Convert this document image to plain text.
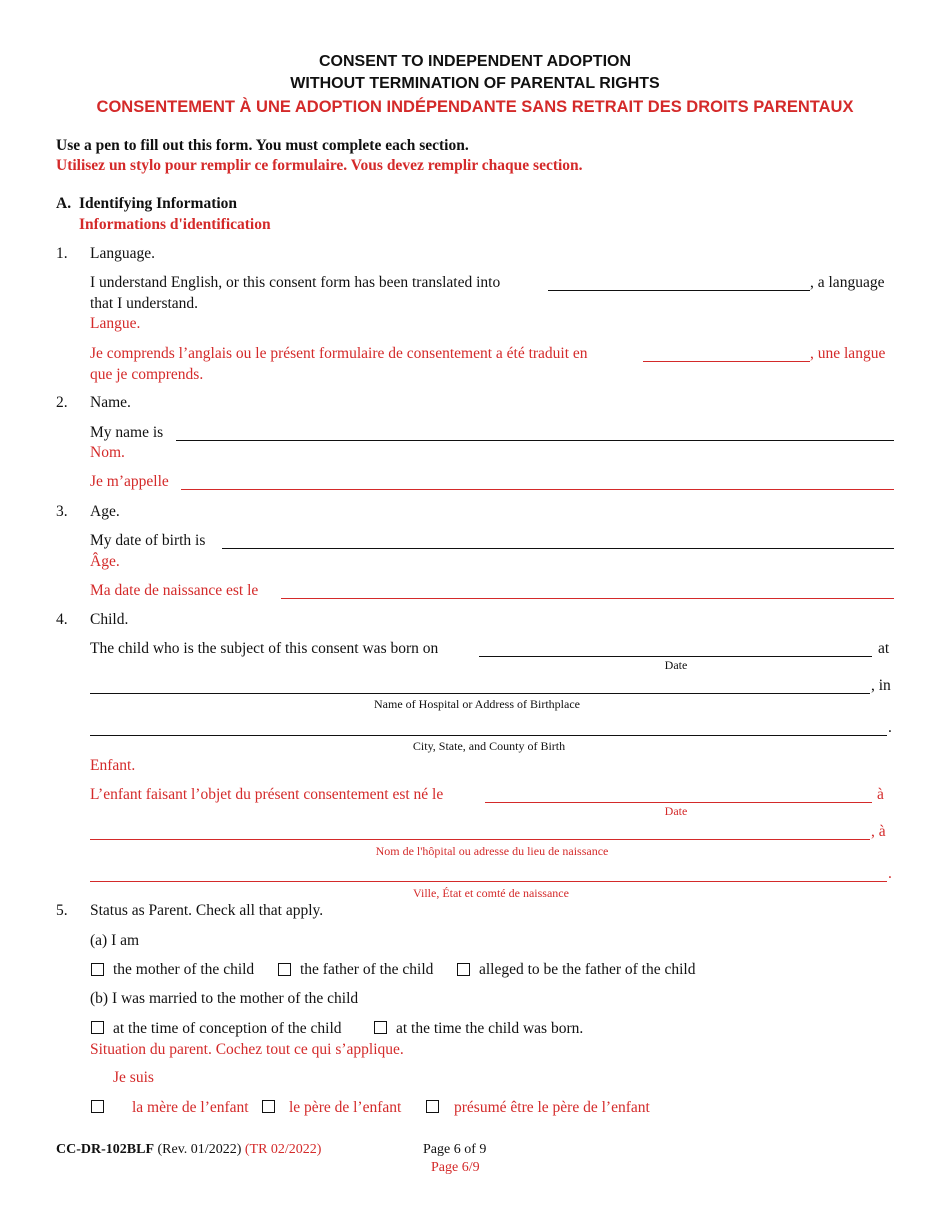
CONSENT TO INDEPENDENT ADOPTION
WITHOUT TERMINATION OF PARENTAL RIGHTS
CONSENTEMENT À UNE ADOPTION INDÉPENDANTE SANS RETRAIT DES DROITS PARENTAUX
Use a pen to fill out this form. You must complete each section.
Utilisez un stylo pour remplir ce formulaire. Vous devez remplir chaque section.
A. Identifying Information
Informations d'identification
1. Language.
I understand English, or this consent form has been translated into	, a language
that I understand.
Langue.
Je comprends l’anglais ou le présent formulaire de consentement a été traduit en	, une langue
que je comprends.
2. Name.
My name is
Nom.
Je m’appelle
3. Age.
My date of birth is
Âge.
Ma date de naissance est le
4. Child.
The child who is the subject of this consent was born on	at
Date
, in
Name of Hospital or Address of Birthplace
.
City, State, and County of Birth
Enfant.
L’enfant faisant l’objet du présent consentement est né le	à
Date
, à
Nom de l'hôpital ou adresse du lieu de naissance
.
Ville, État et comté de naissance
5. Status as Parent. Check all that apply.
(a) I am
the mother of the child	the father of the child	alleged to be the father of the child
(b) I was married to the mother of the child
at the time of conception of the child	at the time the child was born.
Situation du parent. Cochez tout ce qui s’applique.
Je suis
la mère de l’enfant	le père de l’enfant	présumé être le père de l’enfant
CC-DR-102BLF (Rev. 01/2022) (TR 02/2022)	Page 6 of 9
Page 6/9
